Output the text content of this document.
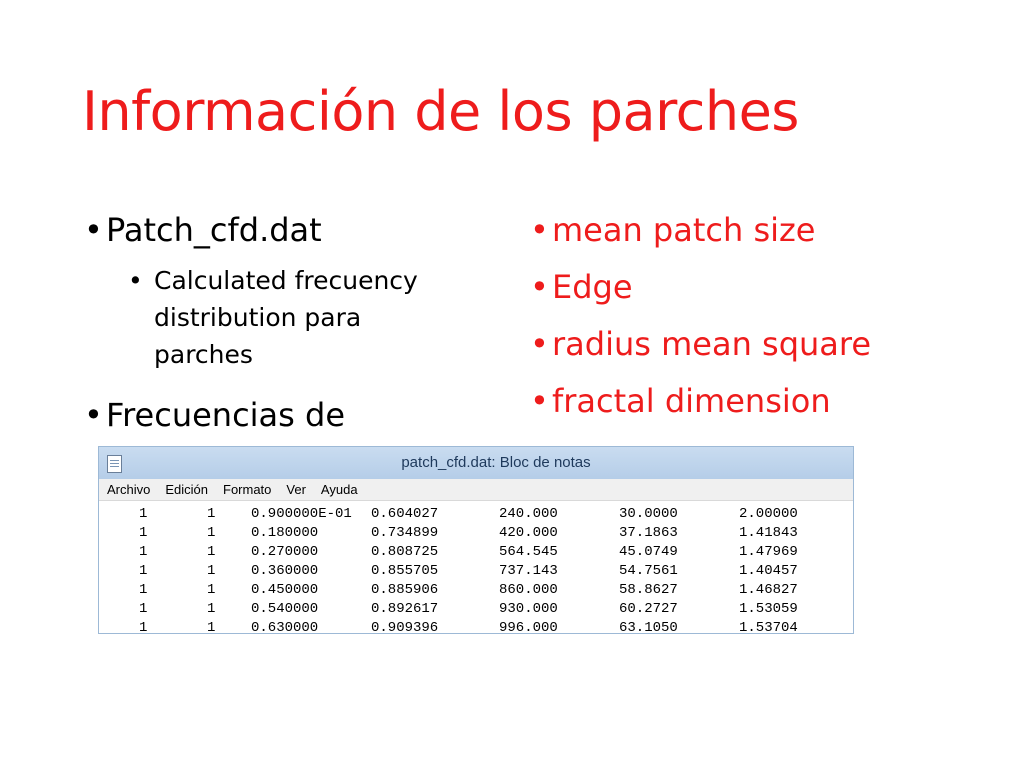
Información de los parches
• Patch_cfd.dat
• Calculated frecuency distribution para parches
• Frecuencias de
• mean patch size
• Edge
• radius mean square
• fractal dimension
patch_cfd.dat: Bloc de notas
Archivo Edición Formato Ver Ayuda
1	1	0.900000E-01 0.604027	240.000	30.0000	2.00000
1	1	0.180000	0.734899	420.000	37.1863	1.41843
1	1	0.270000	0.808725	564.545	45.0749	1.47969
1	1	0.360000	0.855705	737.143	54.7561	1.40457
1	1	0.450000	0.885906	860.000	58.8627	1.46827
1	1	0.540000	0.892617	930.000	60.2727	1.53059
1	1	0.630000	0.909396	996.000	63.1050	1.53704
